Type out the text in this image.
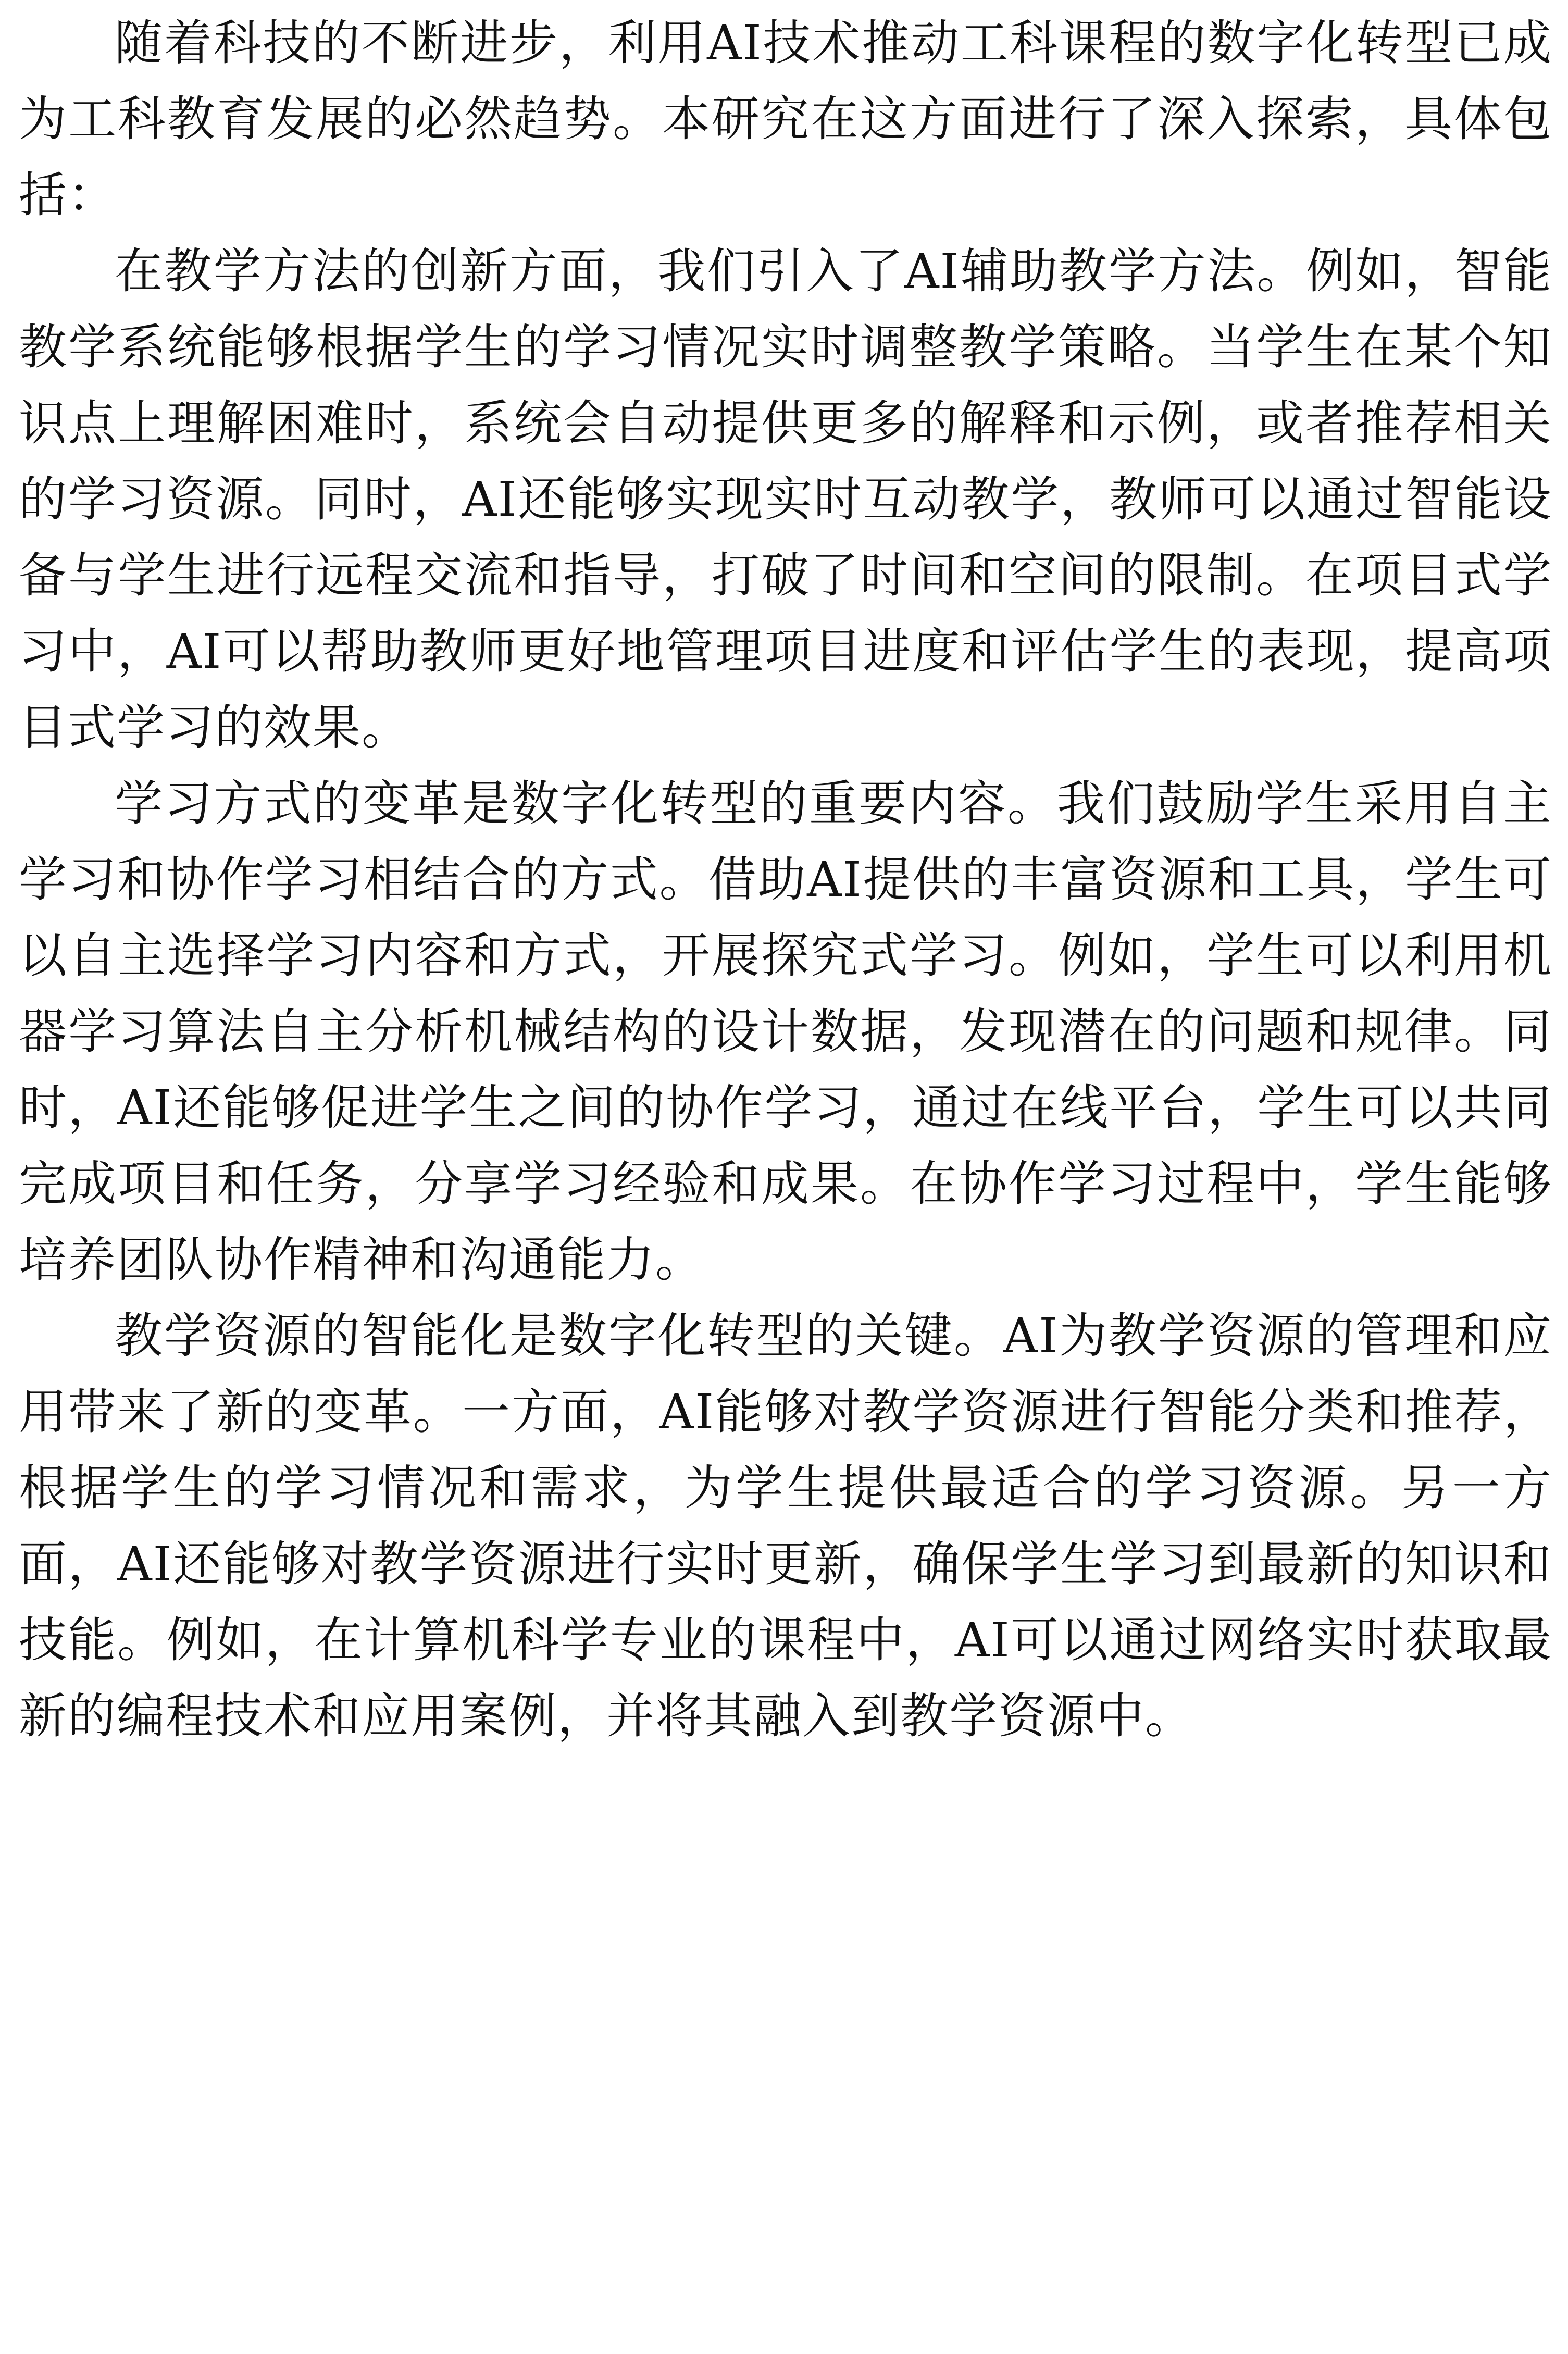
随着科技的不断进步，利用AI技术推动工科课程的数字化转型已成为工科教育发展的必然趋势。本研究在这方面进行了深入探索，具体包括：

在教学方法的创新方面，我们引入了AI辅助教学方法。例如，智能教学系统能够根据学生的学习情况实时调整教学策略。当学生在某个知识点上理解困难时，系统会自动提供更多的解释和示例，或者推荐相关的学习资源。同时，AI还能够实现实时互动教学，教师可以通过智能设备与学生进行远程交流和指导，打破了时间和空间的限制。在项目式学习中，AI可以帮助教师更好地管理项目进度和评估学生的表现，提高项目式学习的效果。

学习方式的变革是数字化转型的重要内容。我们鼓励学生采用自主学习和协作学习相结合的方式。借助AI提供的丰富资源和工具，学生可以自主选择学习内容和方式，开展探究式学习。例如，学生可以利用机器学习算法自主分析机械结构的设计数据，发现潜在的问题和规律。同时，AI还能够促进学生之间的协作学习，通过在线平台，学生可以共同完成项目和任务，分享学习经验和成果。在协作学习过程中，学生能够培养团队协作精神和沟通能力。

教学资源的智能化是数字化转型的关键。AI为教学资源的管理和应用带来了新的变革。一方面，AI能够对教学资源进行智能分类和推荐，根据学生的学习情况和需求，为学生提供最适合的学习资源。另一方面，AI还能够对教学资源进行实时更新，确保学生学习到最新的知识和技能。例如，在计算机科学专业的课程中，AI可以通过网络实时获取最新的编程技术和应用案例，并将其融入到教学资源中。
